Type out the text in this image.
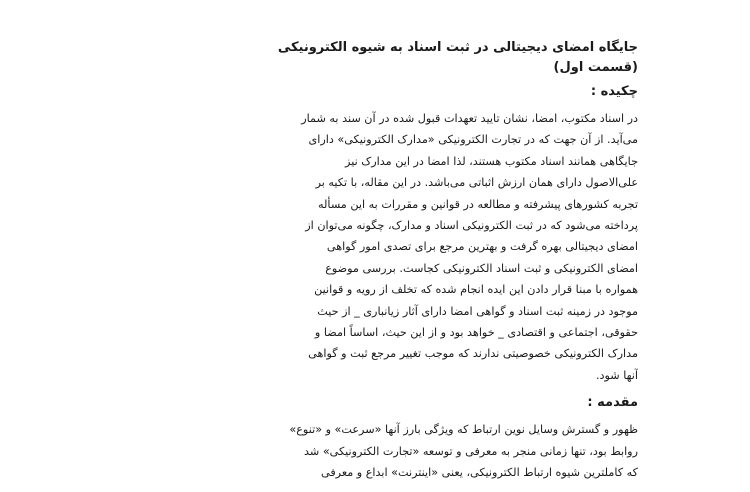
جایگاه امضای دیجیتالی در ثبت اسناد به شیوه الکترونیکی
(قسمت اول)
چکیده :
در اسناد مکتوب، امضا، نشان تایید تعهدات قبول شده در آن سند به شمار
می‌آید. از آن جهت که در تجارت الکترونیکی «مدارک الکترونیکی» دارای
جایگاهی همانند اسناد مکتوب هستند، لذا امضا در این مدارک نیز
علی‌الاصول دارای همان ارزش اثباتی می‌باشد. در این مقاله، با تکیه بر
تجربه کشورهای پیشرفته و مطالعه در قوانین و مقررات به این مسأله
پرداخته می‌شود که در ثبت الکترونیکی اسناد و مدارک، چگونه می‌توان از
امضای دیجیتالی بهره گرفت و بهترین مرجع برای تصدی امور گواهی
امضای الکترونیکی و ثبت اسناد الکترونیکی کجاست. بررسی موضوع
همواره با مبنا قرار دادن این ایده انجام شده که تخلف از رویه و قوانین
موجود در زمینه ثبت اسناد و گواهی امضا دارای آثار زیانباری _ از حیث
حقوقی، اجتماعی و اقتصادی _ خواهد بود و از این حیث، اساساً امضا و
مدارک الکترونیکی خصوصیتی ندارند که موجب تغییر مرجع ثبت و گواهی
آنها شود.
مقدمه :
ظهور و گسترش وسایل نوین ارتباط که ویژگی بارز آنها «سرعت» و «تنوع»
روابط بود، تنها زمانی منجر به معرفی و توسعه «تجارت الکترونیکی» شد
که کاملترین شیوه ارتباط الکترونیکی، یعنی «اینترنت» ابداع و معرفی
